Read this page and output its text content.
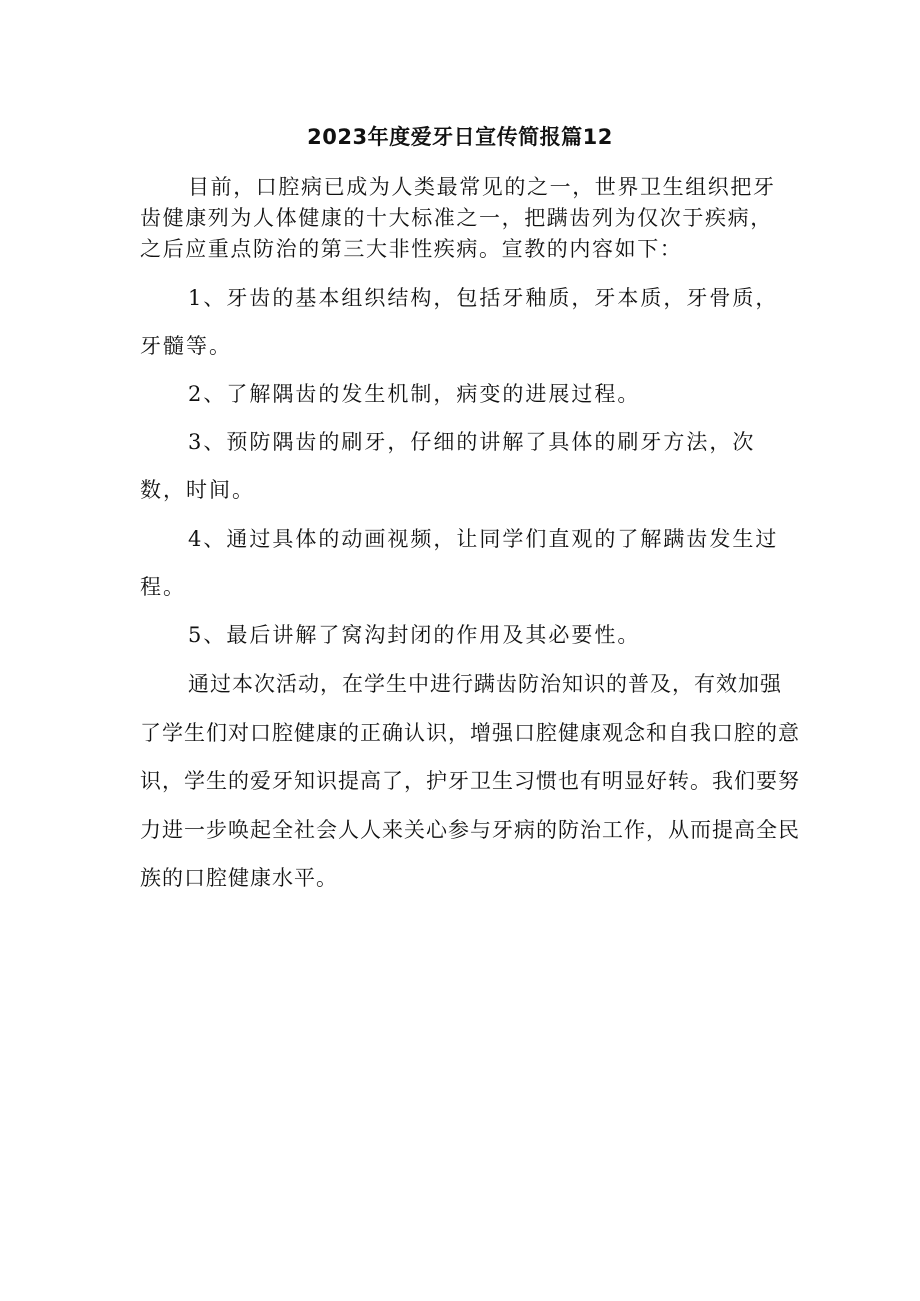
2023年度爱牙日宣传简报篇12

目前，口腔病已成为人类最常见的之一，世界卫生组织把牙齿健康列为人体健康的十大标准之一，把蹒齿列为仅次于疾病，之后应重点防治的第三大非性疾病。宣教的内容如下：

1、牙齿的基本组织结构，包括牙釉质，牙本质，牙骨质，牙髓等。

2、了解隅齿的发生机制，病变的进展过程。

3、预防隅齿的刷牙，仔细的讲解了具体的刷牙方法，次数，时间。

4、通过具体的动画视频，让同学们直观的了解蹒齿发生过程。

5、最后讲解了窝沟封闭的作用及其必要性。

通过本次活动，在学生中进行蹒齿防治知识的普及，有效加强了学生们对口腔健康的正确认识，增强口腔健康观念和自我口腔的意识，学生的爱牙知识提高了，护牙卫生习惯也有明显好转。我们要努力进一步唤起全社会人人来关心参与牙病的防治工作，从而提高全民族的口腔健康水平。
